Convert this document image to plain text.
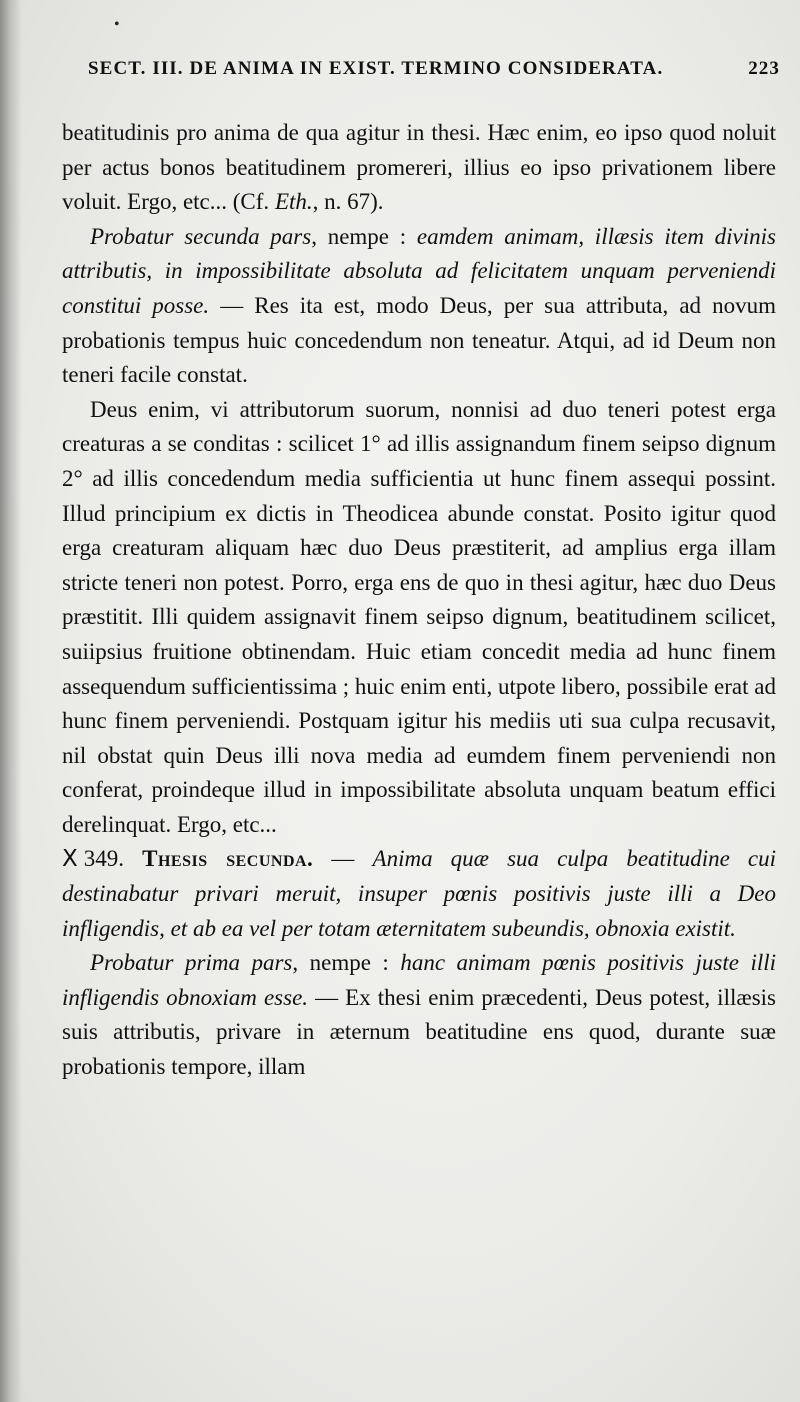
•
SECT. III. DE ANIMA IN EXIST. TERMINO CONSIDERATA.	223

beatitudinis pro anima de qua agitur in thesi. Hæc enim, eo ipso quod noluit per actus bonos beatitudinem promereri, illius eo ipso privationem libere voluit. Ergo, etc... (Cf. Eth., n. 67).

Probatur secunda pars, nempe : eamdem animam, illæsis item divinis attributis, in impossibilitate absoluta ad felicitatem unquam perveniendi constitui posse. — Res ita est, modo Deus, per sua attributa, ad novum probationis tempus huic concedendum non teneatur. Atqui, ad id Deum non teneri facile constat.

Deus enim, vi attributorum suorum, nonnisi ad duo teneri potest erga creaturas a se conditas : scilicet 1° ad illis assignandum finem seipso dignum 2° ad illis concedendum media sufficientia ut hunc finem assequi possint. Illud principium ex dictis in Theodicea abunde constat. Posito igitur quod erga creaturam aliquam hæc duo Deus præstiterit, ad amplius erga illam stricte teneri non potest. Porro, erga ens de quo in thesi agitur, hæc duo Deus præstitit. Illi quidem assignavit finem seipso dignum, beatitudinem scilicet, suiipsius fruitione obtinendam. Huic etiam concedit media ad hunc finem assequendum sufficientissima ; huic enim enti, utpote libero, possibile erat ad hunc finem perveniendi. Postquam igitur his mediis uti sua culpa recusavit, nil obstat quin Deus illi nova media ad eumdem finem perveniendi non conferat, proindeque illud in impossibilitate absoluta unquam beatum effici derelinquat. Ergo, etc...

X 349. Thesis secunda. — Anima quæ sua culpa beatitudine cui destinabatur privari meruit, insuper pœnis positivis juste illi a Deo infligendis, et ab ea vel per totam æternitatem subeundis, obnoxia existit.

Probatur prima pars, nempe : hanc animam pœnis positivis juste illi infligendis obnoxiam esse. — Ex thesi enim præcedenti, Deus potest, illæsis suis attributis, privare in æternum beatitudine ens quod, durante suæ probationis tempore, illam
